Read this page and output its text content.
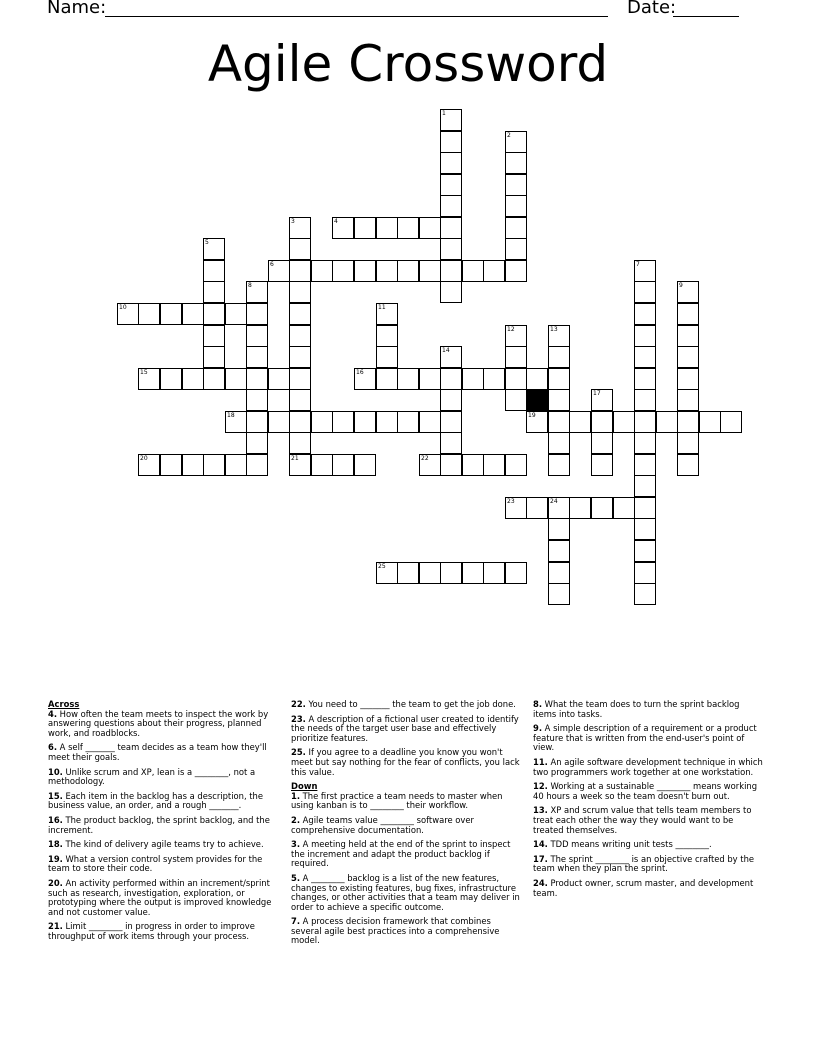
Name:	Date:
Agile Crossword
1
2
3
21
4
5
6	7
8	9
10	11
12	13
14
15	16
17
18	19
20	22
23	24
25

Across

4. How often the team meets to inspect the work by answering questions about their progress, planned work, and roadblocks.

6. A self _______ team decides as a team how they'll meet their goals.

10. Unlike scrum and XP, lean is a ________, not a methodology.

15. Each item in the backlog has a description, the business value, an order, and a rough _______.

16. The product backlog, the sprint backlog, and the increment.

18. The kind of delivery agile teams try to achieve.

19. What a version control system provides for the team to store their code.

20. An activity performed within an increment/sprint such as research, investigation, exploration, or prototyping where the output is improved knowledge and not customer value.

21. Limit ________ in progress in order to improve throughput of work items through your process.

22. You need to _______ the team to get the job done.

23. A description of a fictional user created to identify the needs of the target user base and effectively prioritize features.

25. If you agree to a deadline you know you won't meet but say nothing for the fear of conflicts, you lack this value.

Down

1. The first practice a team needs to master when using kanban is to ________ their workflow.

2. Agile teams value ________ software over comprehensive documentation.

3. A meeting held at the end of the sprint to inspect the increment and adapt the product backlog if required.

5. A ________ backlog is a list of the new features, changes to existing features, bug fixes, infrastructure changes, or other activities that a team may deliver in order to achieve a specific outcome.

7. A process decision framework that combines several agile best practices into a comprehensive model.

8. What the team does to turn the sprint backlog items into tasks.

9. A simple description of a requirement or a product feature that is written from the end-user's point of view.

11. An agile software development technique in which two programmers work together at one workstation.

12. Working at a sustainable ________ means working 40 hours a week so the team doesn't burn out.

13. XP and scrum value that tells team members to treat each other the way they would want to be treated themselves.

14. TDD means writing unit tests ________.

17. The sprint ________ is an objective crafted by the team when they plan the sprint.

24. Product owner, scrum master, and development team.
